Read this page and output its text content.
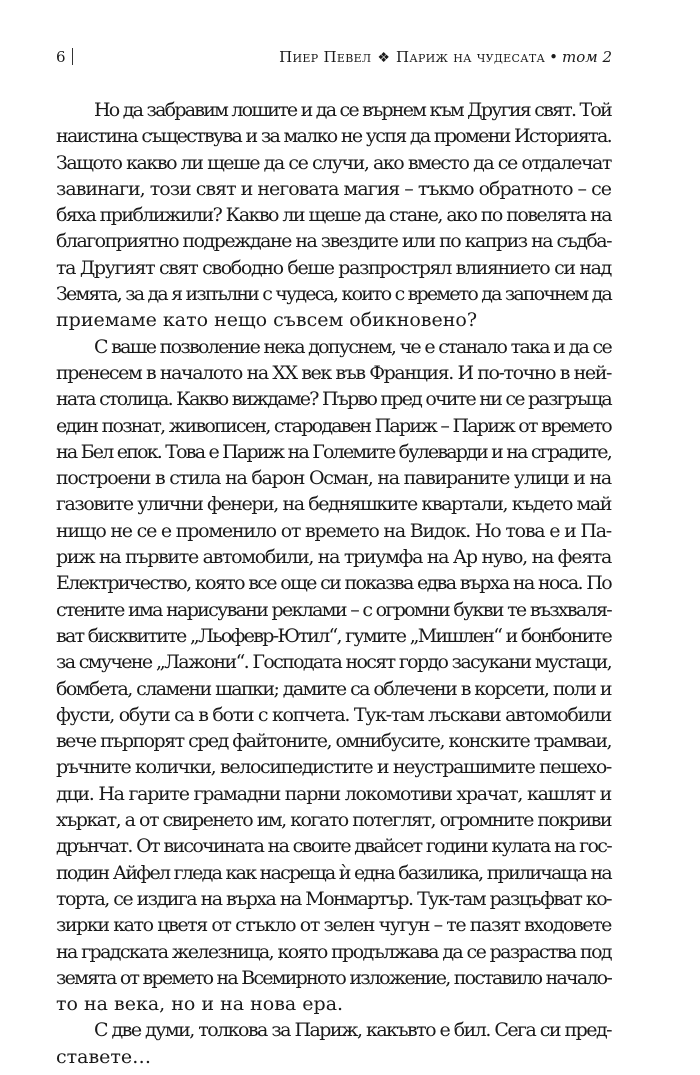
6	Пиер Певел ❖ Париж на чудесата • том 2
Но да забравим лошите и да се върнем към Другия свят. Той
наистина съществува и за малко не успя да промени Историята.
Защото какво ли щеше да се случи, ако вместо да се отдалечат
завинаги, този свят и неговата магия – тъкмо обратното – се
бяха приближили? Какво ли щеше да стане, ако по повелята на
благоприятно подреждане на звездите или по каприз на съдба-
та Другият свят свободно беше разпрострял влиянието си над
Земята, за да я изпълни с чудеса, които с времето да започнем да
приемаме като нещо съвсем обикновено?
С ваше позволение нека допуснем, че е станало така и да се
пренесем в началото на XX век във Франция. И по-точно в ней-
ната столица. Какво виждаме? Първо пред очите ни се разгръща
един познат, живописен, стародавен Париж – Париж от времето
на Бел епок. Това е Париж на Големите булеварди и на сградите,
построени в стила на барон Осман, на павираните улици и на
газовите улични фенери, на бедняшките квартали, където май
нищо не се е променило от времето на Видок. Но това е и Па-
риж на първите автомобили, на триумфа на Ар нуво, на феята
Електричество, която все още си показва едва върха на носа. По
стените има нарисувани реклами – с огромни букви те възхваля-
ват бисквитите „Льофевр-Ютил“, гумите „Мишлен“ и бонбоните
за смучене „Лажони“. Господата носят гордо засукани мустаци,
бомбета, сламени шапки; дамите са облечени в корсети, поли и
фусти, обути са в боти с копчета. Тук-там лъскави автомобили
вече пърпорят сред файтоните, омнибусите, конските трамваи,
ръчните колички, велосипедистите и неустрашимите пешехо-
дци. На гарите грамадни парни локомотиви храчат, кашлят и
хъркат, а от свиренето им, когато потеглят, огромните покриви
дрънчат. От височината на своите двайсет години кулата на гос-
подин Айфел гледа как насреща ѝ една базилика, приличаща на
торта, се издига на върха на Монмартър. Тук-там разцъфват ко-
зирки като цветя от стъкло от зелен чугун – те пазят входовете
на градската железница, която продължава да се разраства под
земята от времето на Всемирното изложение, поставило начало-
то на века, но и на нова ера.
С две думи, толкова за Париж, какъвто е бил. Сега си пред-
ставете…
